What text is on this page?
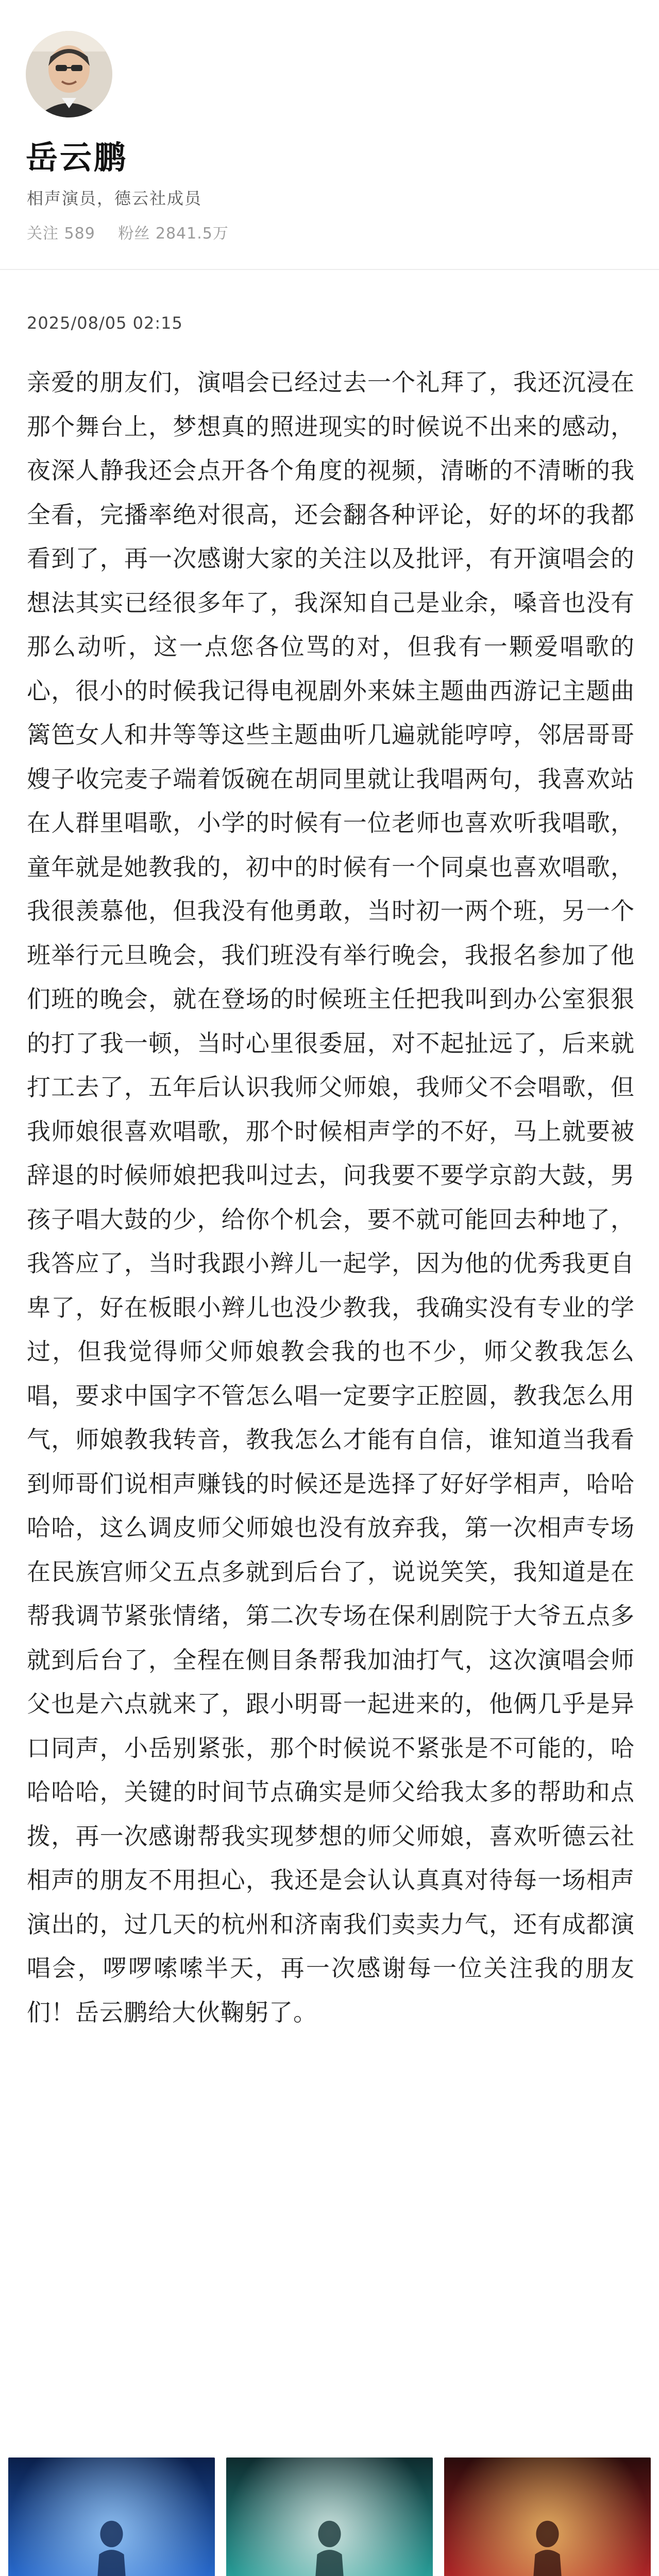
岳云鹏
相声演员，德云社成员
关注 589 粉丝 2841.5万
2025/08/05 02:15
亲爱的朋友们，演唱会已经过去一个礼拜了，我还沉浸在那个舞台上，梦想真的照进现实的时候说不出来的感动，夜深人静我还会点开各个角度的视频，清晰的不清晰的我全看，完播率绝对很高，还会翻各种评论，好的坏的我都看到了，再一次感谢大家的关注以及批评，有开演唱会的想法其实已经很多年了，我深知自己是业余，嗓音也没有那么动听，这一点您各位骂的对，但我有一颗爱唱歌的心，很小的时候我记得电视剧外来妹主题曲西游记主题曲篱笆女人和井等等这些主题曲听几遍就能哼哼，邻居哥哥嫂子收完麦子端着饭碗在胡同里就让我唱两句，我喜欢站在人群里唱歌，小学的时候有一位老师也喜欢听我唱歌，童年就是她教我的，初中的时候有一个同桌也喜欢唱歌，我很羡慕他，但我没有他勇敢，当时初一两个班，另一个班举行元旦晚会，我们班没有举行晚会，我报名参加了他们班的晚会，就在登场的时候班主任把我叫到办公室狠狠的打了我一顿，当时心里很委屈，对不起扯远了，后来就打工去了，五年后认识我师父师娘，我师父不会唱歌，但我师娘很喜欢唱歌，那个时候相声学的不好，马上就要被辞退的时候师娘把我叫过去，问我要不要学京韵大鼓，男孩子唱大鼓的少，给你个机会，要不就可能回去种地了，我答应了，当时我跟小辫儿一起学，因为他的优秀我更自卑了，好在板眼小辫儿也没少教我，我确实没有专业的学过，但我觉得师父师娘教会我的也不少，师父教我怎么唱，要求中国字不管怎么唱一定要字正腔圆，教我怎么用气，师娘教我转音，教我怎么才能有自信，谁知道当我看到师哥们说相声赚钱的时候还是选择了好好学相声，哈哈哈哈，这么调皮师父师娘也没有放弃我，第一次相声专场在民族宫师父五点多就到后台了，说说笑笑，我知道是在帮我调节紧张情绪，第二次专场在保利剧院于大爷五点多就到后台了，全程在侧目条帮我加油打气，这次演唱会师父也是六点就来了，跟小明哥一起进来的，他俩几乎是异口同声，小岳别紧张，那个时候说不紧张是不可能的，哈哈哈哈，关键的时间节点确实是师父给我太多的帮助和点拨，再一次感谢帮我实现梦想的师父师娘，喜欢听德云社相声的朋友不用担心，我还是会认认真真对待每一场相声演出的，过几天的杭州和济南我们卖卖力气，还有成都演唱会，啰啰嗦嗦半天，再一次感谢每一位关注我的朋友们！岳云鹏给大伙鞠躬了。
